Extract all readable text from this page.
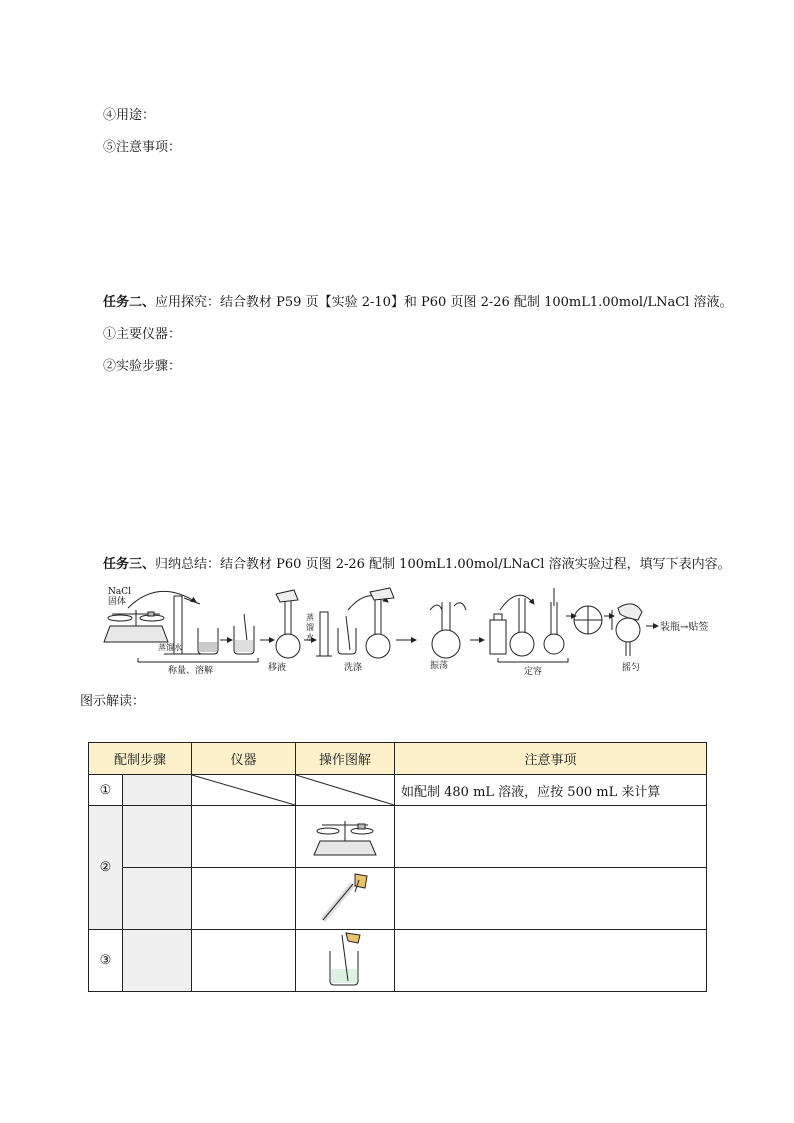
④用途：
⑤注意事项：
任务二、应用探究：结合教材 P59 页【实验 2-10】和 P60 页图 2-26 配制 100mL1.00mol/LNaCl 溶液。
①主要仪器：
②实验步骤：
任务三、归纳总结：结合教材 P60 页图 2-26 配制 100mL1.00mol/LNaCl 溶液实验过程，填写下表内容。
NaCl
固体
蒸馏水
蒸
馏
水
称量、溶解	移液	洗涤	振荡
定容	摇匀
装瓶→贴签
图示解读：
配制步骤		仪器	操作图解	注意事项
①				如配制 480 mL 溶液，应按 500 mL 来计算
②				

③				
